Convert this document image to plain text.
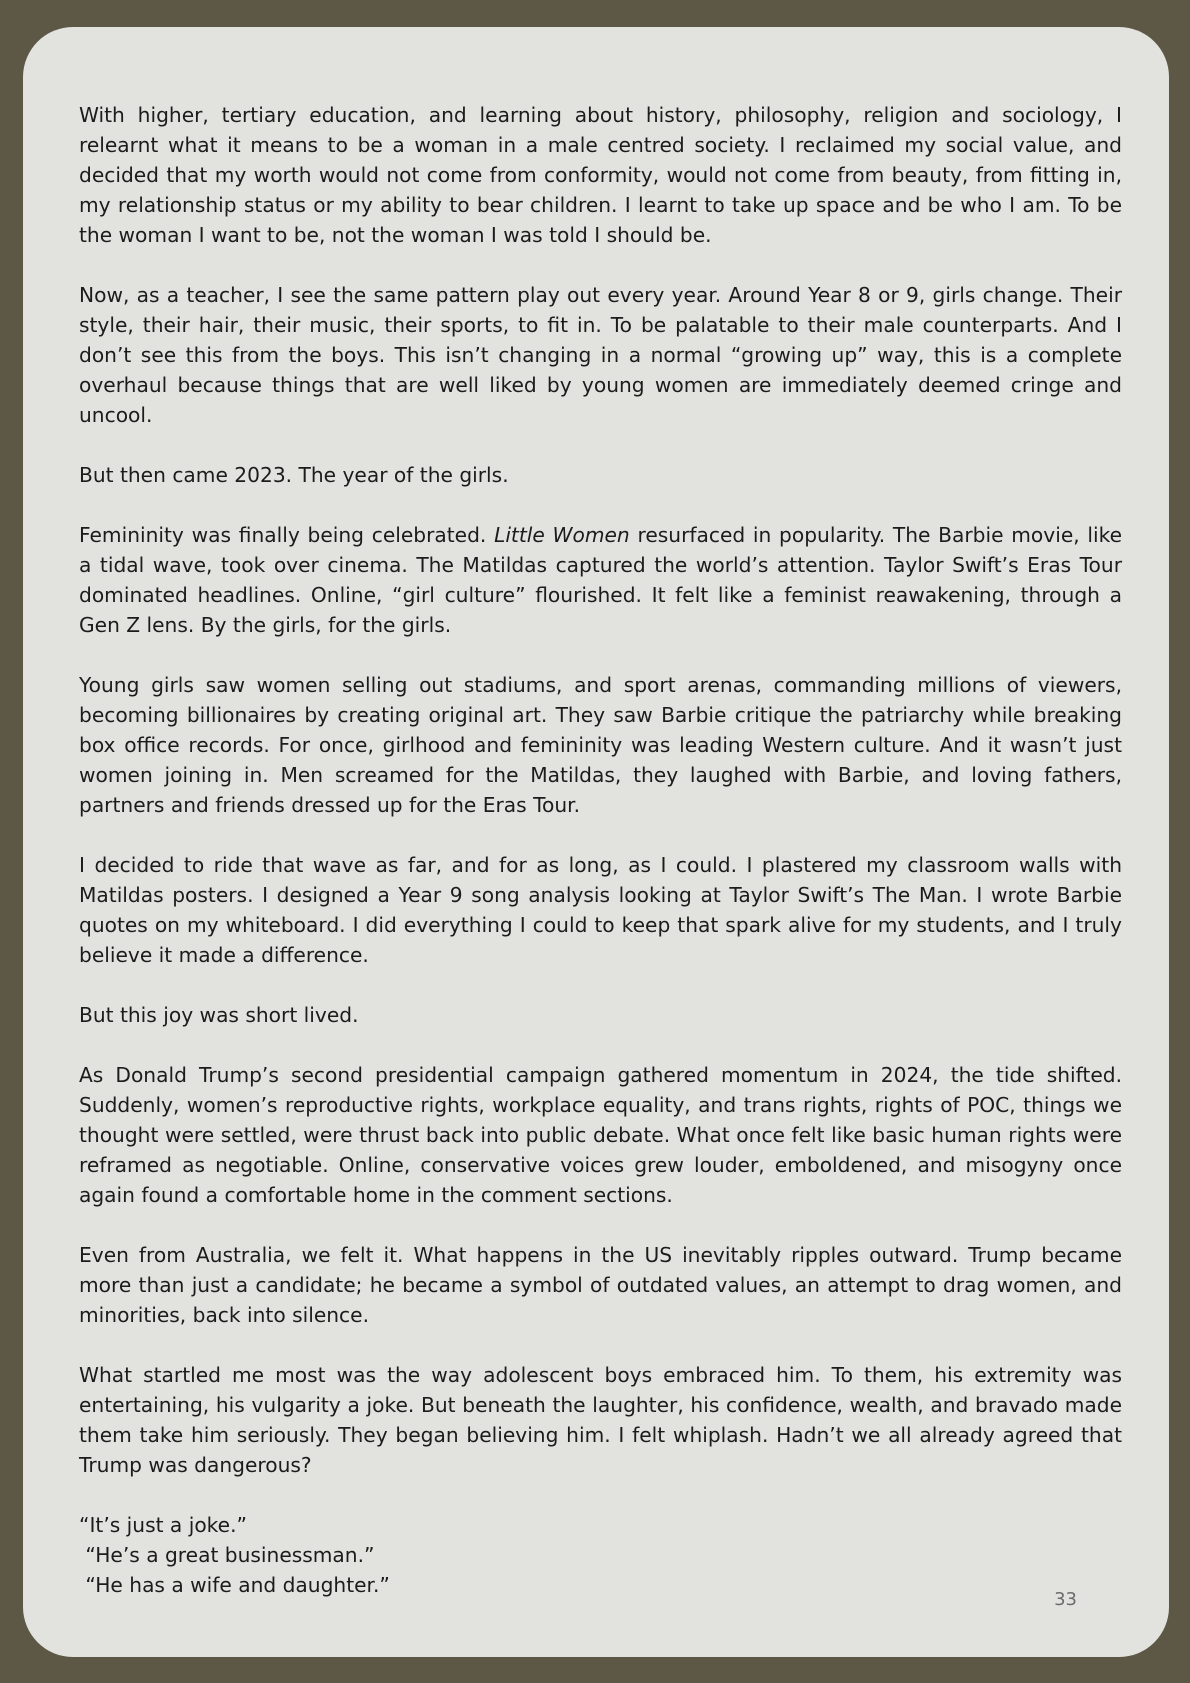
With higher, tertiary education, and learning about history, philosophy, religion and sociology, I relearnt what it means to be a woman in a male centred society. I reclaimed my social value, and decided that my worth would not come from conformity, would not come from beauty, from fitting in, my relationship status or my ability to bear children. I learnt to take up space and be who I am. To be the woman I want to be, not the woman I was told I should be.

Now, as a teacher, I see the same pattern play out every year. Around Year 8 or 9, girls change. Their style, their hair, their music, their sports, to fit in. To be palatable to their male counterparts. And I don’t see this from the boys. This isn’t changing in a normal “growing up” way, this is a complete overhaul because things that are well liked by young women are immediately deemed cringe and uncool.

But then came 2023. The year of the girls.

Femininity was finally being celebrated. Little Women resurfaced in popularity. The Barbie movie, like a tidal wave, took over cinema. The Matildas captured the world’s attention. Taylor Swift’s Eras Tour dominated headlines. Online, “girl culture” flourished. It felt like a feminist reawakening, through a Gen Z lens. By the girls, for the girls.

Young girls saw women selling out stadiums, and sport arenas, commanding millions of viewers, becoming billionaires by creating original art. They saw Barbie critique the patriarchy while breaking box office records. For once, girlhood and femininity was leading Western culture. And it wasn’t just women joining in. Men screamed for the Matildas, they laughed with Barbie, and loving fathers, partners and friends dressed up for the Eras Tour.

I decided to ride that wave as far, and for as long, as I could. I plastered my classroom walls with Matildas posters. I designed a Year 9 song analysis looking at Taylor Swift’s The Man. I wrote Barbie quotes on my whiteboard. I did everything I could to keep that spark alive for my students, and I truly believe it made a difference.

But this joy was short lived.

As Donald Trump’s second presidential campaign gathered momentum in 2024, the tide shifted. Suddenly, women’s reproductive rights, workplace equality, and trans rights, rights of POC, things we thought were settled, were thrust back into public debate. What once felt like basic human rights were reframed as negotiable. Online, conservative voices grew louder, emboldened, and misogyny once again found a comfortable home in the comment sections.

Even from Australia, we felt it. What happens in the US inevitably ripples outward. Trump became more than just a candidate; he became a symbol of outdated values, an attempt to drag women, and minorities, back into silence.

What startled me most was the way adolescent boys embraced him. To them, his extremity was entertaining, his vulgarity a joke. But beneath the laughter, his confidence, wealth, and bravado made them take him seriously. They began believing him. I felt whiplash. Hadn’t we all already agreed that Trump was dangerous?

“It’s just a joke.”
“He’s a great businessman.”
“He has a wife and daughter.”

33
